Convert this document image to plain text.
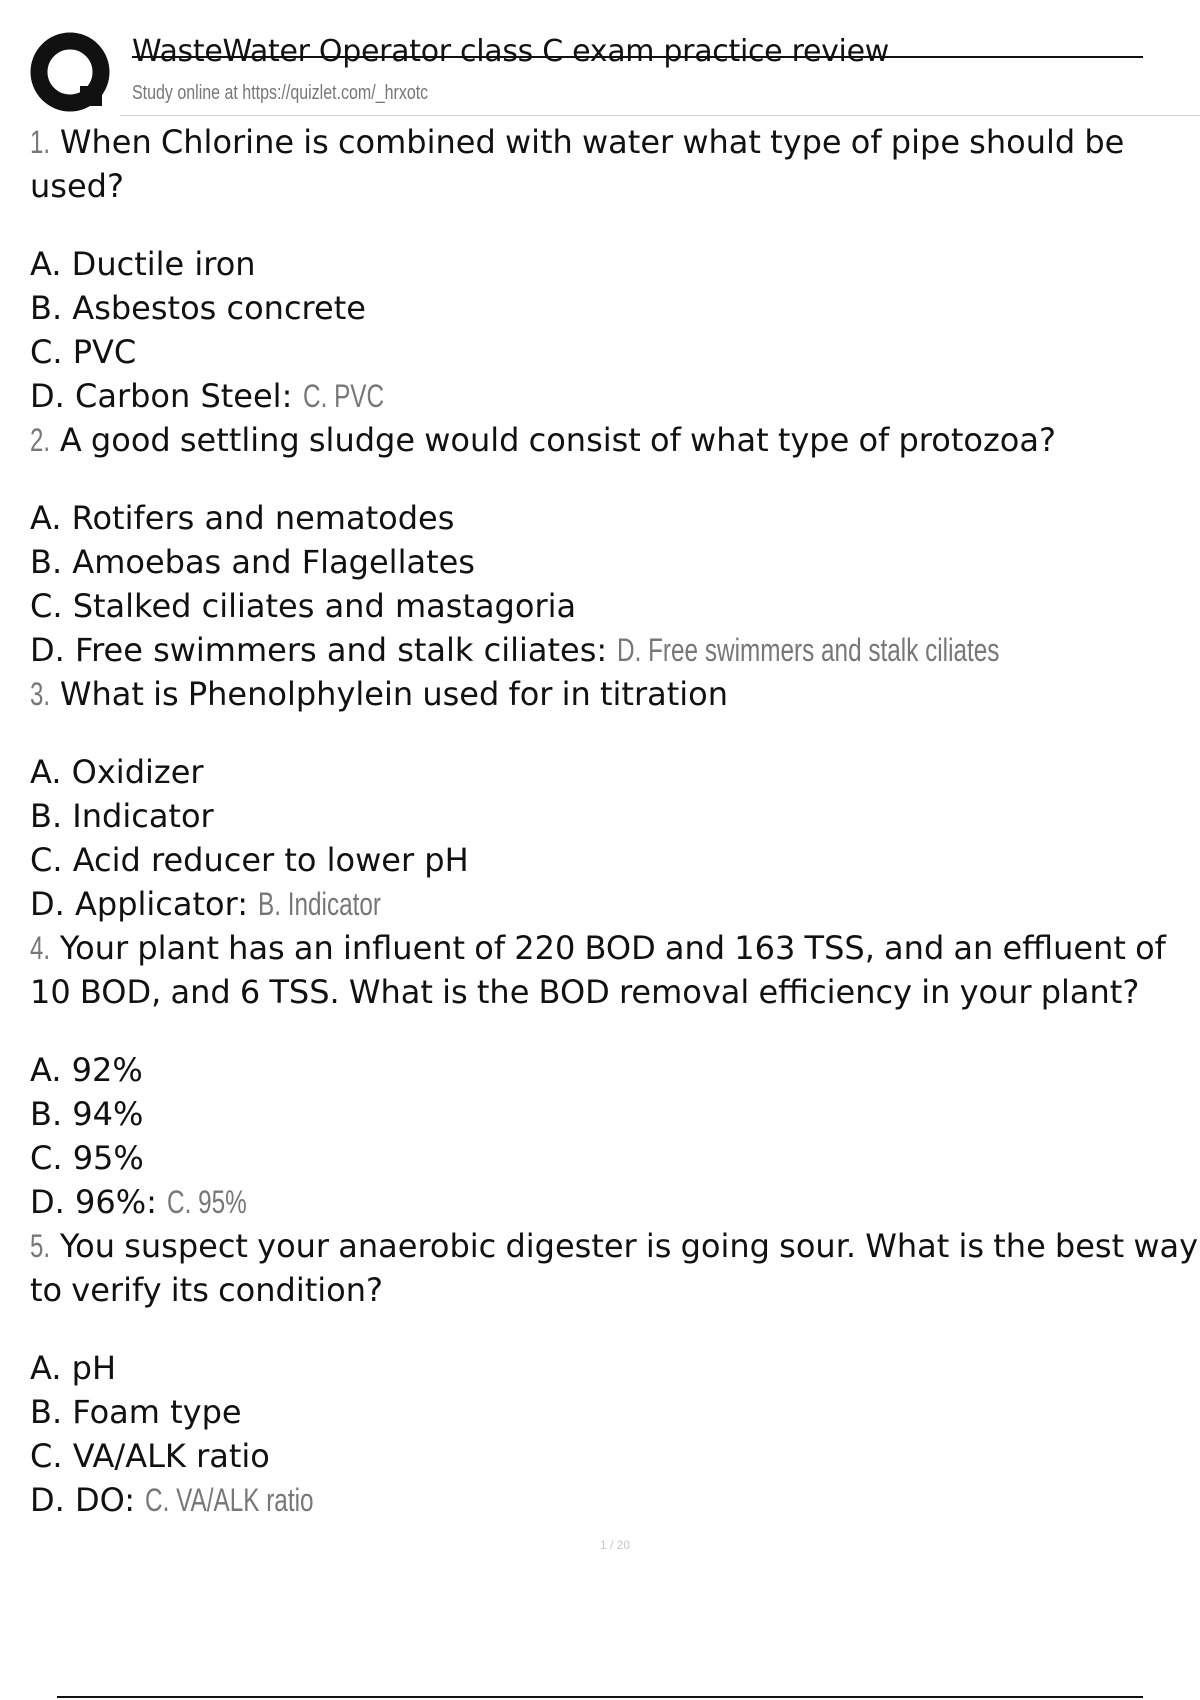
WasteWater Operator class C exam practice review
Study online at https://quizlet.com/_hrxotc
1. When Chlorine is combined with water what type of pipe should be used?
A. Ductile iron
B. Asbestos concrete
C. PVC
D. Carbon Steel: C. PVC
2. A good settling sludge would consist of what type of protozoa?
A. Rotifers and nematodes
B. Amoebas and Flagellates
C. Stalked ciliates and mastagoria
D. Free swimmers and stalk ciliates: D. Free swimmers and stalk ciliates
3. What is Phenolphylein used for in titration
A. Oxidizer
B. Indicator
C. Acid reducer to lower pH
D. Applicator: B. Indicator
4. Your plant has an influent of 220 BOD and 163 TSS, and an effluent of 10 BOD, and 6 TSS. What is the BOD removal efficiency in your plant?
A. 92%
B. 94%
C. 95%
D. 96%: C. 95%
5. You suspect your anaerobic digester is going sour. What is the best way to verify its condition?
A. pH
B. Foam type
C. VA/ALK ratio
D. DO: C. VA/ALK ratio
1 / 20
